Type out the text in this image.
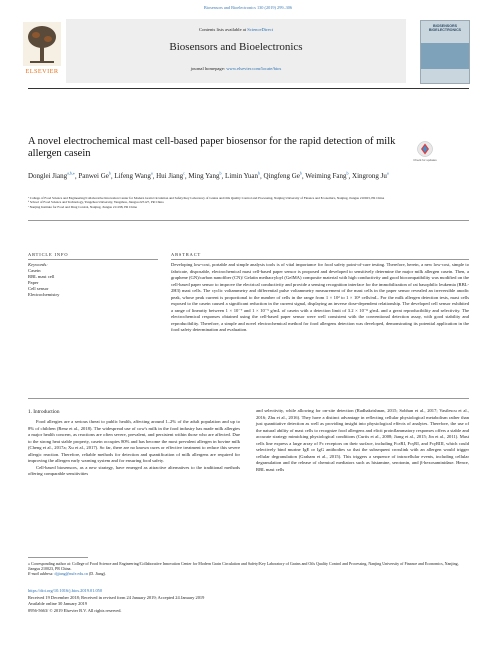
Biosensors and Bioelectronics 130 (2019) 299–306
ELSEVIER
Contents lists available at ScienceDirect
Biosensors and Bioelectronics
journal homepage: www.elsevier.com/locate/bios
BIOSENSORS BIOELECTRONICS
A novel electrochemical mast cell-based paper biosensor for the rapid detection of milk allergen casein
Check for updates
Donglei Jiang$^{a,b,⁎}$, Panwei Ge$^b$, Lifeng Wang$^a$, Hui Jiang$^c$, Ming Yang$^b$, Limin Yuan$^b$, Qingfeng Ge$^b$, Weiming Fang$^b$, Xingrong Ju$^a$
ᵃ College of Food Science and Engineering/Collaborative Innovation Center for Modern Grain Circulation and Safety/Key Laboratory of Grains and Oils Quality Control and Processing, Nanjing University of Finance and Economics, Nanjing, Jiangsu 210023, PR China
ᵇ School of Food Science and Technology, Yangzhou University, Yangzhou, Jiangsu 225127, PR China
ᶜ Nanjing Institute for Food and Drug Control, Nanjing, Jiangsu 211198, PR China
ARTICLE INFO	ABSTRACT
Keywords:
Casein
RBL mast cell
Paper
Cell sensor
Electrochemistry
Developing low-cost, portable and simple analysis tools is of vital importance for food safety point-of-care testing. Therefore, herein, a new low-cost, simple to fabricate, disposable, electrochemical mast cell-based paper sensor is proposed and developed to sensitively determine the major milk allergen casein. Then, a graphene (GN)/carbon nanofiber (CN)/ Gelatin methacryloyl (GelMA) composite material with high conductivity and good biocompatibility was modified on the cell-based paper sensor to improve the electrical conductivity and provide a sensing recognition interface for the immobilization of rat basophilic leukemia (RBL-2H3) mast cells. The cyclic voltammetry and differential pulse voltammetry measurement of the mast cells in the paper sensor revealed an irreversible anodic peak, whose peak current is proportional to the number of cells in the range from 1 × 10² to 1 × 10⁶ cells/mL. For the milk allergen detection tests, mast cells exposed to the casein caused a significant reduction in the current signal, displaying an inverse dose-dependent relationship. The developed cell sensor exhibited a range of linearity between 1 × 10⁻⁷ and 1 × 10⁻⁵ g/mL of casein with a detection limit of 3.2 × 10⁻⁸ g/mL and a great reproducibility and selectivity. The electrochemical responses obtained using the cell-based paper sensor were well consistent with the conventional detection assay, with good stability and reproducibility. Therefore, a simple and novel electrochemical method for food allergens detection was developed, demonstrating its potential application in the food safety determination and evaluation.
1. Introduction

Food allergies are a serious threat to public health, affecting around 1–2% of the adult population and up to 8% of children (Renz et al., 2018). The widespread use of cow's milk in the food industry has made milk allergies a major health concern, as reactions are often severe, prevalent, and persistent within those who are affected. Due to the strong heat stable property, casein occupies 80% and has become the most prevalent allergen in bovine milk (Cheng et al., 2017a; Xu et al., 2017). So far, there are no known cures or effective treatment to reduce this severe allergic reaction. Therefore, reliable methods for detection and quantification of milk allergens are required for improving the allergen early warning system and for ensuring food safety.

Cell-based biosensors, as a new strategy, have emerged as attractive alternatives to the traditional methods offering comparable sensitivities

and selectivity, while allowing for on-site detection (Radhakrishnan, 2015; Sobhan et al., 2017; Vasilescu et al., 2016; Zhu et al., 2016). They have a distinct advantage in reflecting cellular physiological metabolism rather than just quantitative detection as well as providing insight into physiological effects of analytes. Therefore, the use of the natural ability of mast cells to recognize food allergens and elicit proinflammatory responses offers a stable and accurate strategy mimicking physiological conditions (Curtis et al., 2008; Jiang et al., 2015; Jin et al., 2011). Mast cells line express a large array of Fc receptors on their surface, including FcεRI, FcγRI, and FcγRIII, which could selectively bind murine IgE or IgG antibodies so that the subsequent crosslink with an allergen would trigger cellular degranulation (Graham et al., 2015). This triggers a sequence of intracellular events, including cellular degranulation and the release of chemical mediators such as histamine, serotonin, and β-hexosaminidase. Hence, RBL mast cells

⁎ Corresponding author at: College of Food Science and Engineering/Collaborative Innovation Center for Modern Grain Circulation and Safety/Key Laboratory of Grains and Oils Quality Control and Processing, Nanjing University of Finance and Economics, Nanjing, Jiangsu 210023, PR China.
E-mail address: djjiang@nufe.edu.cn (D. Jiang).
https://doi.org/10.1016/j.bios.2019.01.050
Received 19 December 2018; Received in revised form 24 January 2019; Accepted 24 January 2019
Available online 30 January 2019
0956-5663/ © 2019 Elsevier B.V. All rights reserved.
